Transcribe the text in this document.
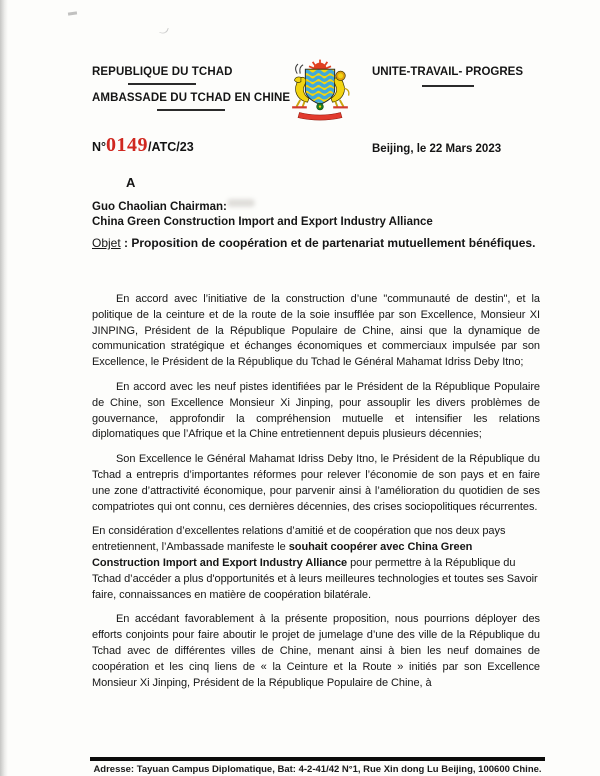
REPUBLIQUE DU TCHAD

AMBASSADE DU TCHAD EN CHINE
UNITE-TRAVAIL- PROGRES
N°0149/ATC/23	Beijing, le 22 Mars 2023
A
Guo Chaolian Chairman:
China Green Construction Import and Export Industry Alliance
Objet : Proposition de coopération et de partenariat mutuellement bénéfiques.

En accord avec l’initiative de la construction d’une "communauté de destin", et la politique de la ceinture et de la route de la soie insufflée par son Excellence, Monsieur XI JINPING, Président de la République Populaire de Chine, ainsi que la dynamique de communication stratégique et échanges économiques et commerciaux impulsée par son Excellence, le Président de la République du Tchad le Général Mahamat Idriss Deby Itno;

En accord avec les neuf pistes identifiées par le Président de la République Populaire de Chine, son Excellence Monsieur Xi Jinping, pour assouplir les divers problèmes de gouvernance, approfondir la compréhension mutuelle et intensifier les relations diplomatiques que l’Afrique et la Chine entretiennent depuis plusieurs décennies;

Son Excellence le Général Mahamat Idriss Deby Itno, le Président de la République du Tchad a entrepris d’importantes réformes pour relever l’économie de son pays et en faire une zone d’attractivité économique, pour parvenir ainsi à l’amélioration du quotidien de ses compatriotes qui ont connu, ces dernières décennies, des crises sociopolitiques récurrentes.

En considération d’excellentes relations d’amitié et de coopération que nos deux pays entretiennent, l’Ambassade manifeste le souhait coopérer avec China Green Construction Import and Export Industry Alliance pour permettre à la République du Tchad d’accéder a plus d'opportunités et à leurs meilleures technologies et toutes ses Savoir faire, connaissances en matière de coopération bilatérale.

En accédant favorablement à la présente proposition, nous pourrions déployer des efforts conjoints pour faire aboutir le projet de jumelage d’une des ville de la République du Tchad avec de différentes villes de Chine, menant ainsi à bien les neuf domaines de coopération et les cinq liens de « la Ceinture et la Route » initiés par son Excellence Monsieur Xi Jinping, Président de la République Populaire de Chine, à

Adresse: Tayuan Campus Diplomatique, Bat: 4-2-41/42 N°1, Rue Xin dong Lu Beijing, 100600 Chine.
